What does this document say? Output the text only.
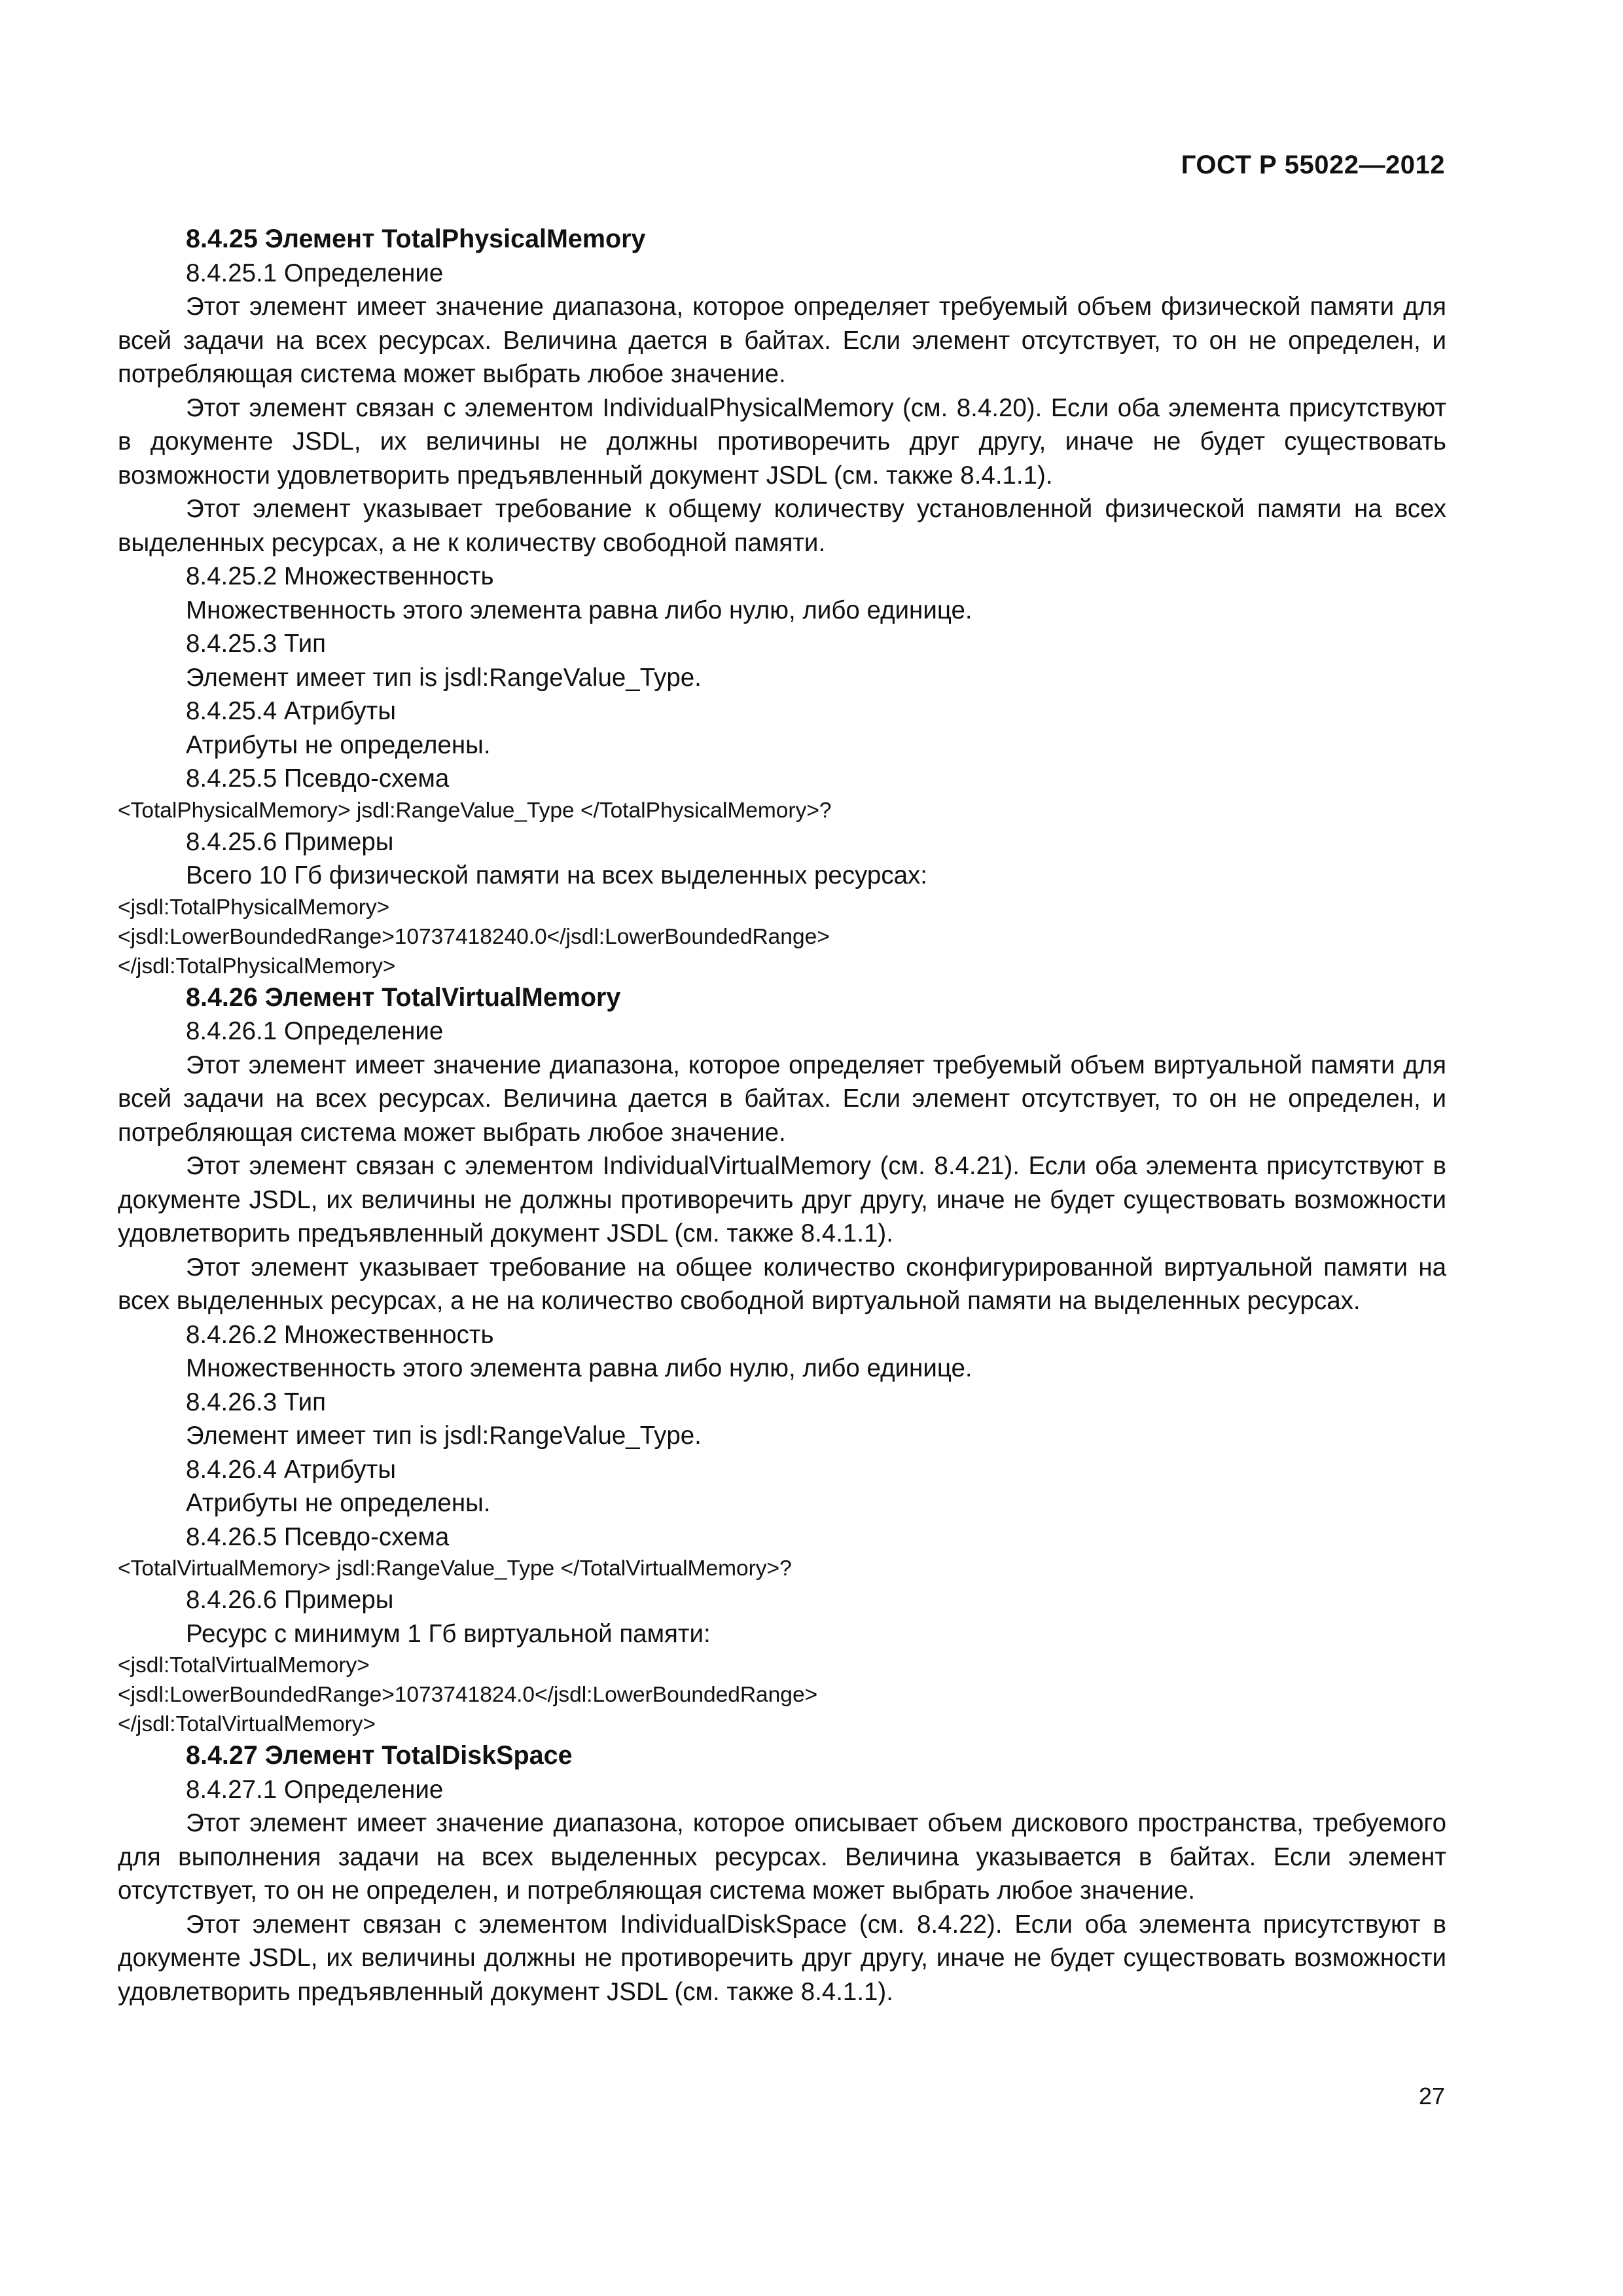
ГОСТ Р 55022—2012

8.4.25 Элемент TotalPhysicalMemory

8.4.25.1 Определение

Этот элемент имеет значение диапазона, которое определяет требуемый объем физической памяти для всей задачи на всех ресурсах. Величина дается в байтах. Если элемент отсутствует, то он не определен, и потребляющая система может выбрать любое значение.

Этот элемент связан с элементом IndividualPhysicalMemory (см. 8.4.20). Если оба элемента присутствуют в документе JSDL, их величины не должны противоречить друг другу, иначе не будет существовать возможности удовлетворить предъявленный документ JSDL (см. также 8.4.1.1).

Этот элемент указывает требование к общему количеству установленной физической памяти на всех выделенных ресурсах, а не к количеству свободной памяти.

8.4.25.2 Множественность

Множественность этого элемента равна либо нулю, либо единице.

8.4.25.3 Тип

Элемент имеет тип is jsdl:RangeValue_Type.

8.4.25.4 Атрибуты

Атрибуты не определены.

8.4.25.5 Псевдо-схема

<TotalPhysicalMemory> jsdl:RangeValue_Type </TotalPhysicalMemory>?

8.4.25.6 Примеры

Всего 10 Гб физической памяти на всех выделенных ресурсах:

<jsdl:TotalPhysicalMemory>

<jsdl:LowerBoundedRange>10737418240.0</jsdl:LowerBoundedRange>

</jsdl:TotalPhysicalMemory>

8.4.26 Элемент TotalVirtualMemory

8.4.26.1 Определение

Этот элемент имеет значение диапазона, которое определяет требуемый объем виртуальной памяти для всей задачи на всех ресурсах. Величина дается в байтах. Если элемент отсутствует, то он не определен, и потребляющая система может выбрать любое значение.

Этот элемент связан с элементом IndividualVirtualMemory (см. 8.4.21). Если оба элемента присутствуют в документе JSDL, их величины не должны противоречить друг другу, иначе не будет существовать возможности удовлетворить предъявленный документ JSDL (см. также 8.4.1.1).

Этот элемент указывает требование на общее количество сконфигурированной виртуальной памяти на всех выделенных ресурсах, а не на количество свободной виртуальной памяти на выделенных ресурсах.

8.4.26.2 Множественность

Множественность этого элемента равна либо нулю, либо единице.

8.4.26.3 Тип

Элемент имеет тип is jsdl:RangeValue_Type.

8.4.26.4 Атрибуты

Атрибуты не определены.

8.4.26.5 Псевдо-схема

<TotalVirtualMemory> jsdl:RangeValue_Type </TotalVirtualMemory>?

8.4.26.6 Примеры

Ресурс с минимум 1 Гб виртуальной памяти:

<jsdl:TotalVirtualMemory>

<jsdl:LowerBoundedRange>1073741824.0</jsdl:LowerBoundedRange>

</jsdl:TotalVirtualMemory>

8.4.27 Элемент TotalDiskSpace

8.4.27.1 Определение

Этот элемент имеет значение диапазона, которое описывает объем дискового пространства, требуемого для выполнения задачи на всех выделенных ресурсах. Величина указывается в байтах. Если элемент отсутствует, то он не определен, и потребляющая система может выбрать любое значение.

Этот элемент связан с элементом IndividualDiskSpace (см. 8.4.22). Если оба элемента присутствуют в документе JSDL, их величины должны не противоречить друг другу, иначе не будет существовать возможности удовлетворить предъявленный документ JSDL (см. также 8.4.1.1).

27
